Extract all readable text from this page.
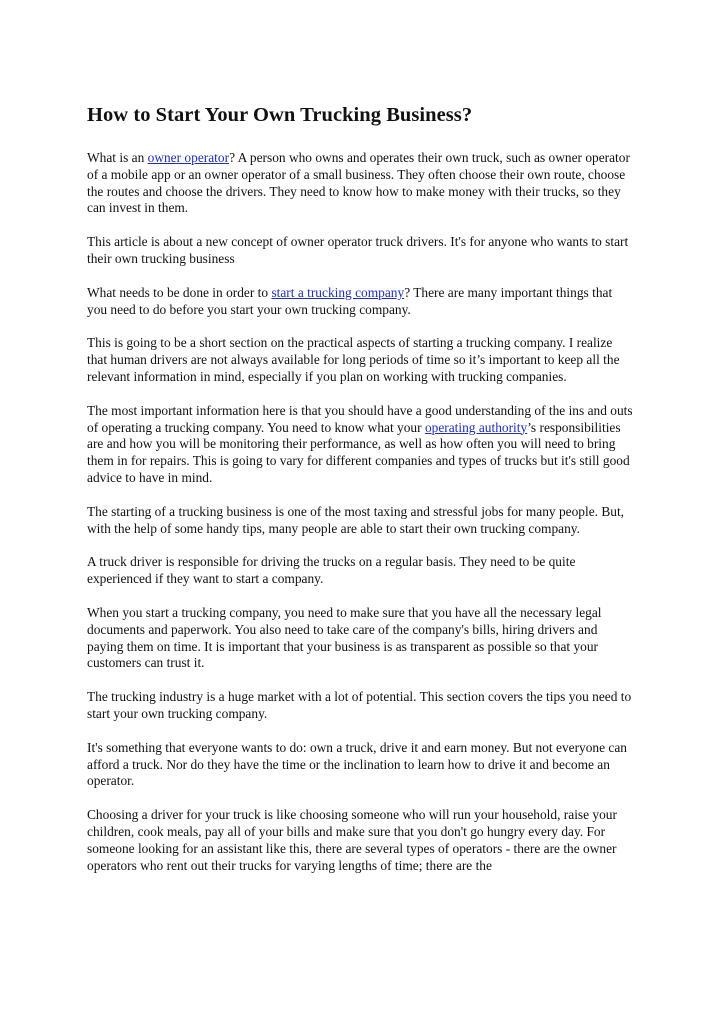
How to Start Your Own Trucking Business?

What is an owner operator? A person who owns and operates their own truck, such as owner operator of a mobile app or an owner operator of a small business. They often choose their own route, choose the routes and choose the drivers. They need to know how to make money with their trucks, so they can invest in them.

This article is about a new concept of owner operator truck drivers. It's for anyone who wants to start their own trucking business

What needs to be done in order to start a trucking company? There are many important things that you need to do before you start your own trucking company.

This is going to be a short section on the practical aspects of starting a trucking company. I realize that human drivers are not always available for long periods of time so it’s important to keep all the relevant information in mind, especially if you plan on working with trucking companies.

The most important information here is that you should have a good understanding of the ins and outs of operating a trucking company. You need to know what your operating authority’s responsibilities are and how you will be monitoring their performance, as well as how often you will need to bring them in for repairs. This is going to vary for different companies and types of trucks but it's still good advice to have in mind.

The starting of a trucking business is one of the most taxing and stressful jobs for many people. But, with the help of some handy tips, many people are able to start their own trucking company.

A truck driver is responsible for driving the trucks on a regular basis. They need to be quite experienced if they want to start a company.

When you start a trucking company, you need to make sure that you have all the necessary legal documents and paperwork. You also need to take care of the company's bills, hiring drivers and paying them on time. It is important that your business is as transparent as possible so that your customers can trust it.

The trucking industry is a huge market with a lot of potential. This section covers the tips you need to start your own trucking company.

It's something that everyone wants to do: own a truck, drive it and earn money. But not everyone can afford a truck. Nor do they have the time or the inclination to learn how to drive it and become an operator.

Choosing a driver for your truck is like choosing someone who will run your household, raise your children, cook meals, pay all of your bills and make sure that you don't go hungry every day. For someone looking for an assistant like this, there are several types of operators - there are the owner operators who rent out their trucks for varying lengths of time; there are the
